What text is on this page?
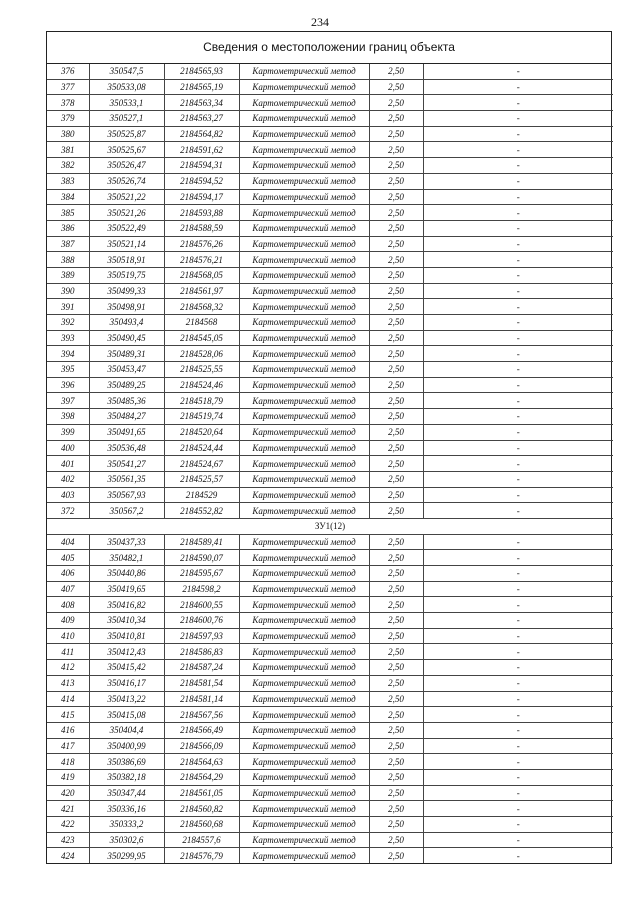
234
Сведения о местоположении границ объекта
376	350547,5	2184565,93	Картометрический метод	2,50	-
377	350533,08	2184565,19	Картометрический метод	2,50	-
378	350533,1	2184563,34	Картометрический метод	2,50	-
379	350527,1	2184563,27	Картометрический метод	2,50	-
380	350525,87	2184564,82	Картометрический метод	2,50	-
381	350525,67	2184591,62	Картометрический метод	2,50	-
382	350526,47	2184594,31	Картометрический метод	2,50	-
383	350526,74	2184594,52	Картометрический метод	2,50	-
384	350521,22	2184594,17	Картометрический метод	2,50	-
385	350521,26	2184593,88	Картометрический метод	2,50	-
386	350522,49	2184588,59	Картометрический метод	2,50	-
387	350521,14	2184576,26	Картометрический метод	2,50	-
388	350518,91	2184576,21	Картометрический метод	2,50	-
389	350519,75	2184568,05	Картометрический метод	2,50	-
390	350499,33	2184561,97	Картометрический метод	2,50	-
391	350498,91	2184568,32	Картометрический метод	2,50	-
392	350493,4	2184568	Картометрический метод	2,50	-
393	350490,45	2184545,05	Картометрический метод	2,50	-
394	350489,31	2184528,06	Картометрический метод	2,50	-
395	350453,47	2184525,55	Картометрический метод	2,50	-
396	350489,25	2184524,46	Картометрический метод	2,50	-
397	350485,36	2184518,79	Картометрический метод	2,50	-
398	350484,27	2184519,74	Картометрический метод	2,50	-
399	350491,65	2184520,64	Картометрический метод	2,50	-
400	350536,48	2184524,44	Картометрический метод	2,50	-
401	350541,27	2184524,67	Картометрический метод	2,50	-
402	350561,35	2184525,57	Картометрический метод	2,50	-
403	350567,93	2184529	Картометрический метод	2,50	-
372	350567,2	2184552,82	Картометрический метод	2,50	-
ЗУ1(12)					
404	350437,33	2184589,41	Картометрический метод	2,50	-
405	350482,1	2184590,07	Картометрический метод	2,50	-
406	350440,86	2184595,67	Картометрический метод	2,50	-
407	350419,65	2184598,2	Картометрический метод	2,50	-
408	350416,82	2184600,55	Картометрический метод	2,50	-
409	350410,34	2184600,76	Картометрический метод	2,50	-
410	350410,81	2184597,93	Картометрический метод	2,50	-
411	350412,43	2184586,83	Картометрический метод	2,50	-
412	350415,42	2184587,24	Картометрический метод	2,50	-
413	350416,17	2184581,54	Картометрический метод	2,50	-
414	350413,22	2184581,14	Картометрический метод	2,50	-
415	350415,08	2184567,56	Картометрический метод	2,50	-
416	350404,4	2184566,49	Картометрический метод	2,50	-
417	350400,99	2184566,09	Картометрический метод	2,50	-
418	350386,69	2184564,63	Картометрический метод	2,50	-
419	350382,18	2184564,29	Картометрический метод	2,50	-
420	350347,44	2184561,05	Картометрический метод	2,50	-
421	350336,16	2184560,82	Картометрический метод	2,50	-
422	350333,2	2184560,68	Картометрический метод	2,50	-
423	350302,6	2184557,6	Картометрический метод	2,50	-
424	350299,95	2184576,79	Картометрический метод	2,50	-
